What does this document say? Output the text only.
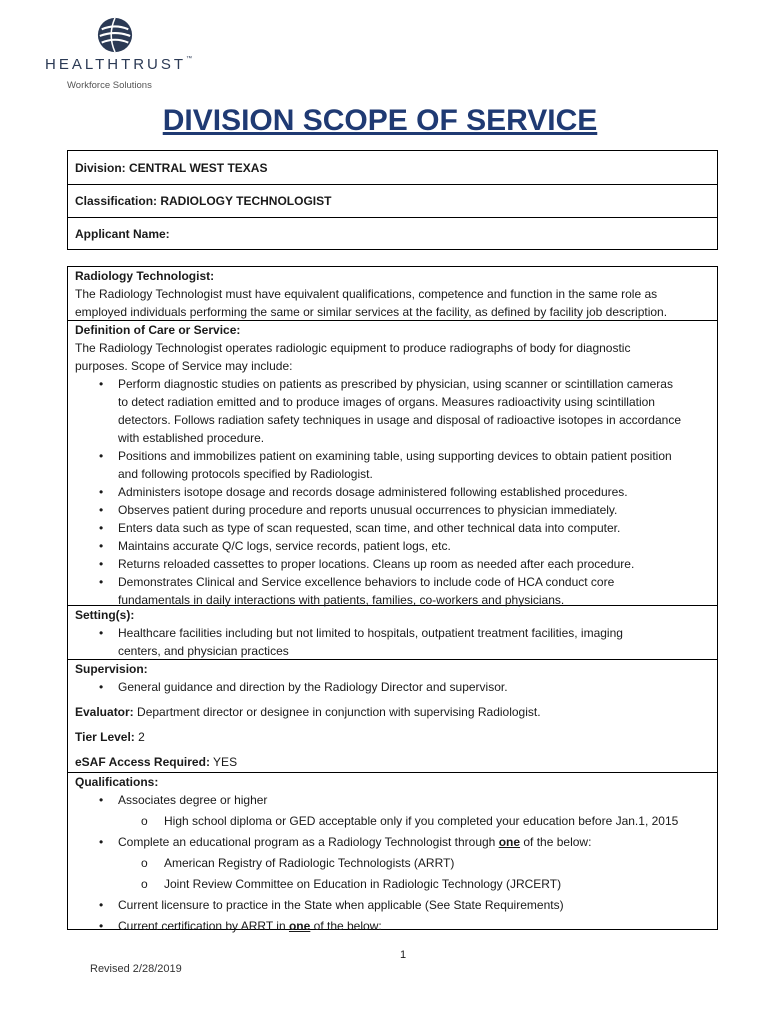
HEALTHTRUST™
Workforce Solutions
DIVISION SCOPE OF SERVICE
Division: CENTRAL WEST TEXAS
Classification: RADIOLOGY TECHNOLOGIST
Applicant Name:
Radiology Technologist:
The Radiology Technologist must have equivalent qualifications, competence and function in the same role as
employed individuals performing the same or similar services at the facility, as defined by facility job description.
Definition of Care or Service:
The Radiology Technologist operates radiologic equipment to produce radiographs of body for diagnostic
purposes. Scope of Service may include:
• Perform diagnostic studies on patients as prescribed by physician, using scanner or scintillation cameras
to detect radiation emitted and to produce images of organs. Measures radioactivity using scintillation
detectors. Follows radiation safety techniques in usage and disposal of radioactive isotopes in accordance
with established procedure.
• Positions and immobilizes patient on examining table, using supporting devices to obtain patient position
and following protocols specified by Radiologist.
• Administers isotope dosage and records dosage administered following established procedures.
• Observes patient during procedure and reports unusual occurrences to physician immediately.
• Enters data such as type of scan requested, scan time, and other technical data into computer.
• Maintains accurate Q/C logs, service records, patient logs, etc.
• Returns reloaded cassettes to proper locations. Cleans up room as needed after each procedure.
• Demonstrates Clinical and Service excellence behaviors to include code of HCA conduct core
fundamentals in daily interactions with patients, families, co-workers and physicians.
Setting(s):
• Healthcare facilities including but not limited to hospitals, outpatient treatment facilities, imaging
centers, and physician practices
Supervision:
• General guidance and direction by the Radiology Director and supervisor.
Evaluator: Department director or designee in conjunction with supervising Radiologist.
Tier Level: 2
eSAF Access Required: YES
Qualifications:
• Associates degree or higher
o High school diploma or GED acceptable only if you completed your education before Jan.1, 2015
• Complete an educational program as a Radiology Technologist through one of the below:
o American Registry of Radiologic Technologists (ARRT)
o Joint Review Committee on Education in Radiologic Technology (JRCERT)
• Current licensure to practice in the State when applicable (See State Requirements)
• Current certification by ARRT in one of the below:
1
Revised 2/28/2019
